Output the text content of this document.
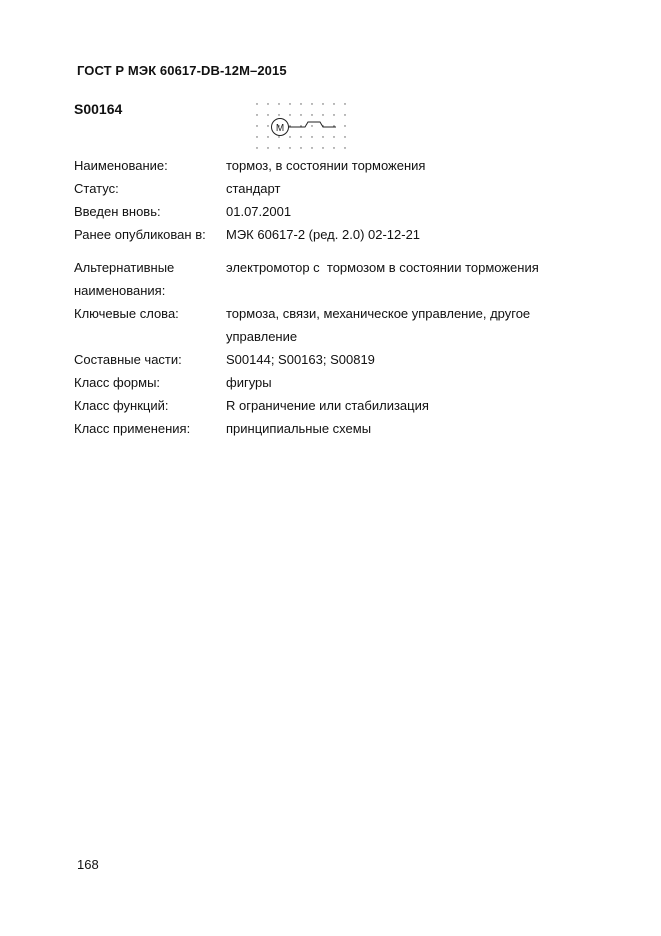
ГОСТ Р МЭК 60617-DB-12M–2015
S00164
M
Наименование:	тормоз, в состоянии торможения
Статус:	стандарт
Введен вновь:	01.07.2001
Ранее опубликован в:	МЭК 60617-2 (ред. 2.0) 02-12-21
Альтернативные	электромотор с  тормозом в состоянии торможения
наименования:
Ключевые слова:	тормоза, связи, механическое управление, другое
управление
Составные части:	S00144; S00163; S00819
Класс формы:	фигуры
Класс функций:	R ограничение или стабилизация
Класс применения:	принципиальные схемы
168
